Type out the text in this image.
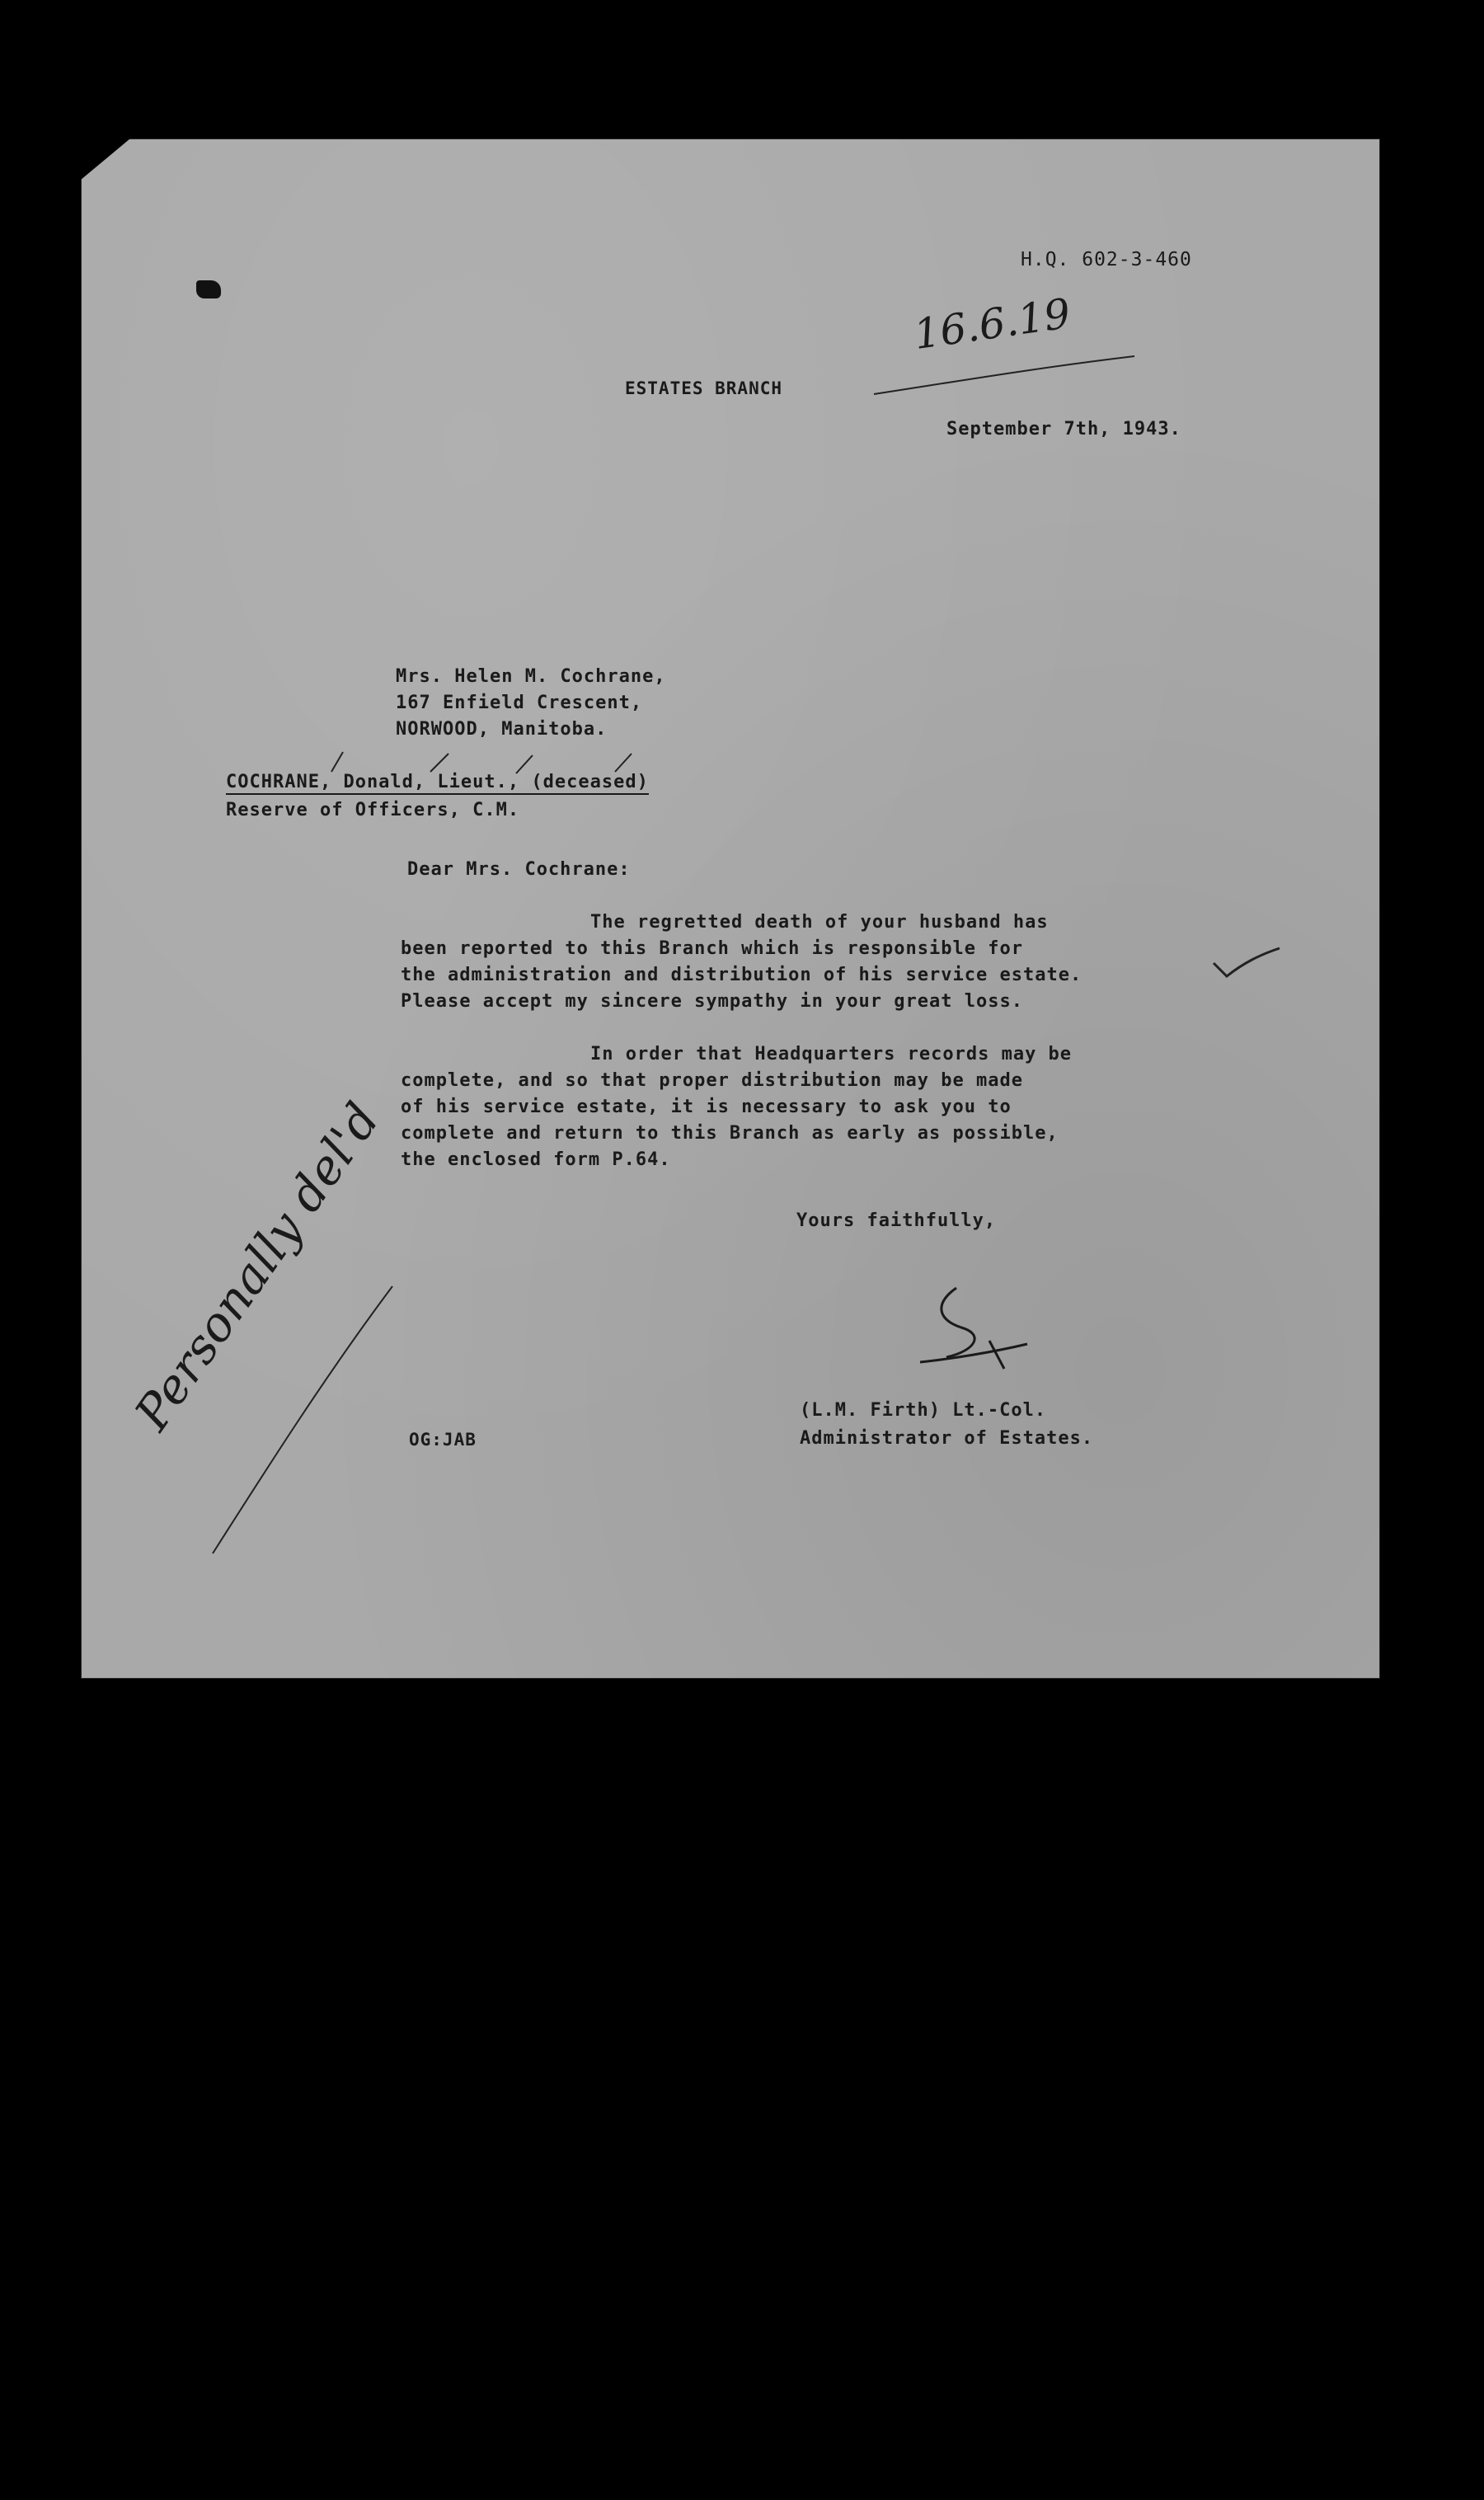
H.Q. 602-3-460
16.6.19
ESTATES BRANCH
September 7th, 1943.
Mrs. Helen M. Cochrane,
167 Enfield Crescent,
NORWOOD, Manitoba.
COCHRANE, Donald, Lieut., (deceased)
Reserve of Officers, C.M.
Dear Mrs. Cochrane:
The regretted death of your husband has
been reported to this Branch which is responsible for
the administration and distribution of his service estate.
Please accept my sincere sympathy in your great loss.
In order that Headquarters records may be
complete, and so that proper distribution may be made
of his service estate, it is necessary to ask you to
complete and return to this Branch as early as possible,
the enclosed form P.64.
Yours faithfully,
(L.M. Firth) Lt.-Col.
Administrator of Estates.
OG:JAB
Personally del'd
